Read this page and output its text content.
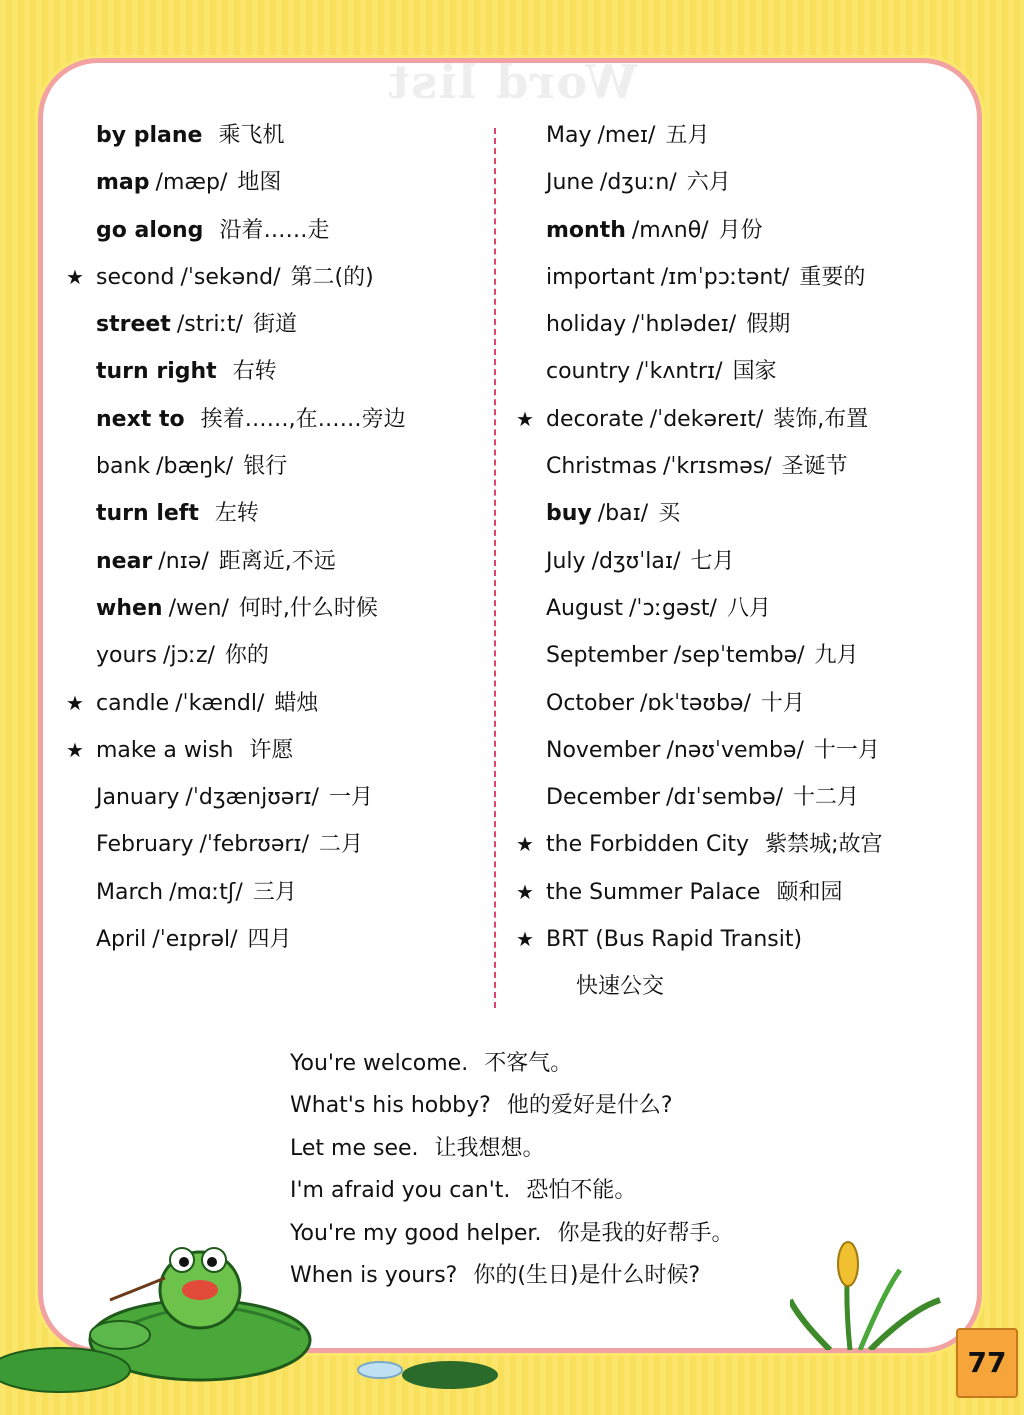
Word list
by plane 乘飞机
map /mæp/ 地图
go along 沿着……走
★ second /ˈsekənd/ 第二(的)
street /striːt/ 街道
turn right 右转
next to 挨着……,在……旁边
bank /bæŋk/ 银行
turn left 左转
near /nɪə/ 距离近,不远
when /wen/ 何时,什么时候
yours /jɔːz/ 你的
★ candle /ˈkændl/ 蜡烛
★ make a wish 许愿
January /ˈdʒænjʊərɪ/ 一月
February /ˈfebrʊərɪ/ 二月
March /mɑːtʃ/ 三月
April /ˈeɪprəl/ 四月
May /meɪ/ 五月
June /dʒuːn/ 六月
month /mʌnθ/ 月份
important /ɪmˈpɔːtənt/ 重要的
holiday /ˈhɒlədeɪ/ 假期
country /ˈkʌntrɪ/ 国家
★ decorate /ˈdekəreɪt/ 装饰,布置
Christmas /ˈkrɪsməs/ 圣诞节
buy /baɪ/ 买
July /dʒʊˈlaɪ/ 七月
August /ˈɔːgəst/ 八月
September /sepˈtembə/ 九月
October /ɒkˈtəʊbə/ 十月
November /nəʊˈvembə/ 十一月
December /dɪˈsembə/ 十二月
★ the Forbidden City 紫禁城;故宫
★ the Summer Palace 颐和园
★ BRT (Bus Rapid Transit)
快速公交
You're welcome. 不客气。
What's his hobby? 他的爱好是什么?
Let me see. 让我想想。
I'm afraid you can't. 恐怕不能。
You're my good helper. 你是我的好帮手。
When is yours? 你的(生日)是什么时候?
77
